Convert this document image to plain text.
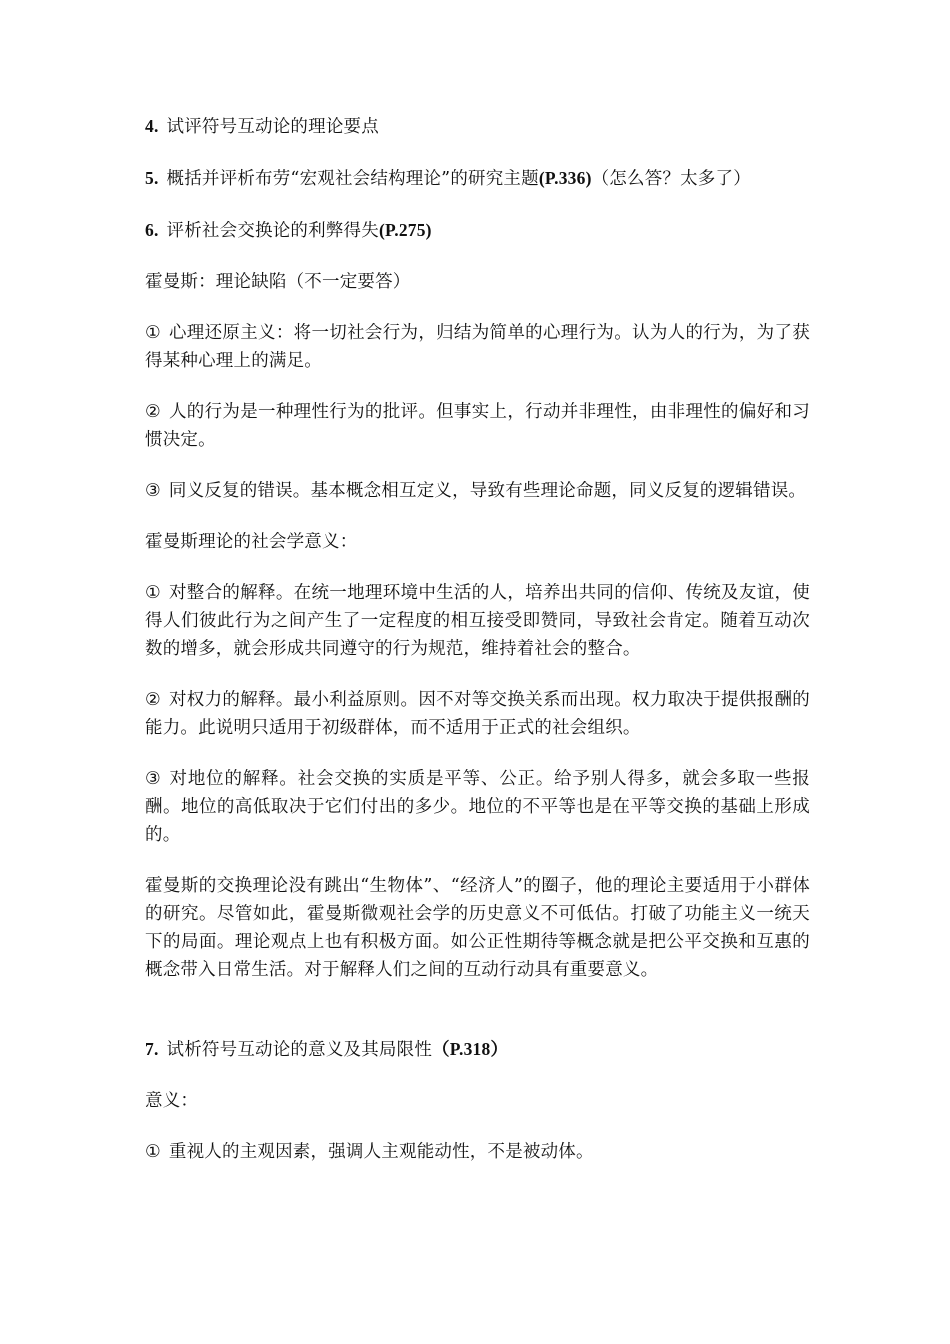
4. 试评符号互动论的理论要点

5. 概括并评析布劳“宏观社会结构理论”的研究主题(P.336)（怎么答？太多了）

6. 评析社会交换论的利弊得失(P.275)

霍曼斯：理论缺陷（不一定要答）

① 心理还原主义：将一切社会行为，归结为简单的心理行为。认为人的行为，为了获得某种心理上的满足。

② 人的行为是一种理性行为的批评。但事实上，行动并非理性，由非理性的偏好和习惯决定。

③ 同义反复的错误。基本概念相互定义，导致有些理论命题，同义反复的逻辑错误。

霍曼斯理论的社会学意义：

① 对整合的解释。在统一地理环境中生活的人，培养出共同的信仰、传统及友谊，使得人们彼此行为之间产生了一定程度的相互接受即赞同，导致社会肯定。随着互动次数的增多，就会形成共同遵守的行为规范，维持着社会的整合。

② 对权力的解释。最小利益原则。因不对等交换关系而出现。权力取决于提供报酬的能力。此说明只适用于初级群体，而不适用于正式的社会组织。

③ 对地位的解释。社会交换的实质是平等、公正。给予别人得多，就会多取一些报酬。地位的高低取决于它们付出的多少。地位的不平等也是在平等交换的基础上形成的。

霍曼斯的交换理论没有跳出“生物体”、“经济人”的圈子，他的理论主要适用于小群体的研究。尽管如此，霍曼斯微观社会学的历史意义不可低估。打破了功能主义一统天下的局面。理论观点上也有积极方面。如公正性期待等概念就是把公平交换和互惠的概念带入日常生活。对于解释人们之间的互动行动具有重要意义。

7. 试析符号互动论的意义及其局限性（P.318）

意义：

① 重视人的主观因素，强调人主观能动性，不是被动体。
